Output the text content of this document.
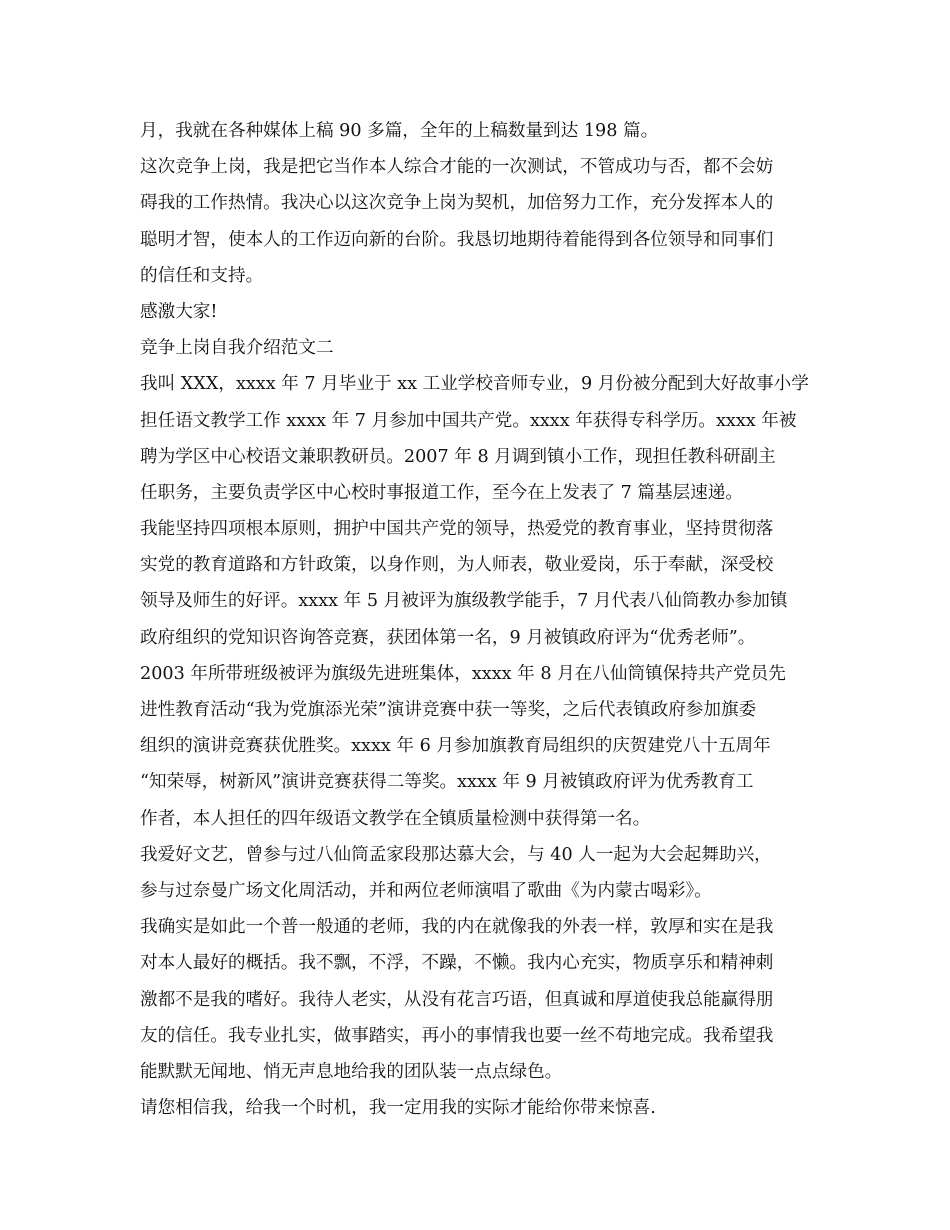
月，我就在各种媒体上稿 90 多篇，全年的上稿数量到达 198 篇。
这次竞争上岗，我是把它当作本人综合才能的一次测试，不管成功与否，都不会妨
碍我的工作热情。我决心以这次竞争上岗为契机，加倍努力工作，充分发挥本人的
聪明才智，使本人的工作迈向新的台阶。我恳切地期待着能得到各位领导和同事们
的信任和支持。
感激大家!
竞争上岗自我介绍范文二
我叫 XXX，xxxx 年 7 月毕业于 xx 工业学校音师专业，9 月份被分配到大好故事小学
担任语文教学工作 xxxx 年 7 月参加中国共产党。xxxx 年获得专科学历。xxxx 年被
聘为学区中心校语文兼职教研员。2007 年 8 月调到镇小工作，现担任教科研副主
任职务，主要负责学区中心校时事报道工作，至今在上发表了 7 篇基层速递。
我能坚持四项根本原则，拥护中国共产党的领导，热爱党的教育事业，坚持贯彻落
实党的教育道路和方针政策，以身作则，为人师表，敬业爱岗，乐于奉献，深受校
领导及师生的好评。xxxx 年 5 月被评为旗级教学能手，7 月代表八仙筒教办参加镇
政府组织的党知识咨询答竞赛，获团体第一名，9 月被镇政府评为“优秀老师”。
2003 年所带班级被评为旗级先进班集体，xxxx 年 8 月在八仙筒镇保持共产党员先
进性教育活动“我为党旗添光荣”演讲竞赛中获一等奖，之后代表镇政府参加旗委
组织的演讲竞赛获优胜奖。xxxx 年 6 月参加旗教育局组织的庆贺建党八十五周年
“知荣辱，树新风”演讲竞赛获得二等奖。xxxx 年 9 月被镇政府评为优秀教育工
作者，本人担任的四年级语文教学在全镇质量检测中获得第一名。
我爱好文艺，曾参与过八仙筒孟家段那达慕大会，与 40 人一起为大会起舞助兴，
参与过奈曼广场文化周活动，并和两位老师演唱了歌曲《为内蒙古喝彩》。
我确实是如此一个普一般通的老师，我的内在就像我的外表一样，敦厚和实在是我
对本人最好的概括。我不飘，不浮，不躁，不懒。我内心充实，物质享乐和精神刺
激都不是我的嗜好。我待人老实，从没有花言巧语，但真诚和厚道使我总能赢得朋
友的信任。我专业扎实，做事踏实，再小的事情我也要一丝不苟地完成。我希望我
能默默无闻地、悄无声息地给我的团队装一点点绿色。
请您相信我，给我一个时机，我一定用我的实际才能给你带来惊喜.
